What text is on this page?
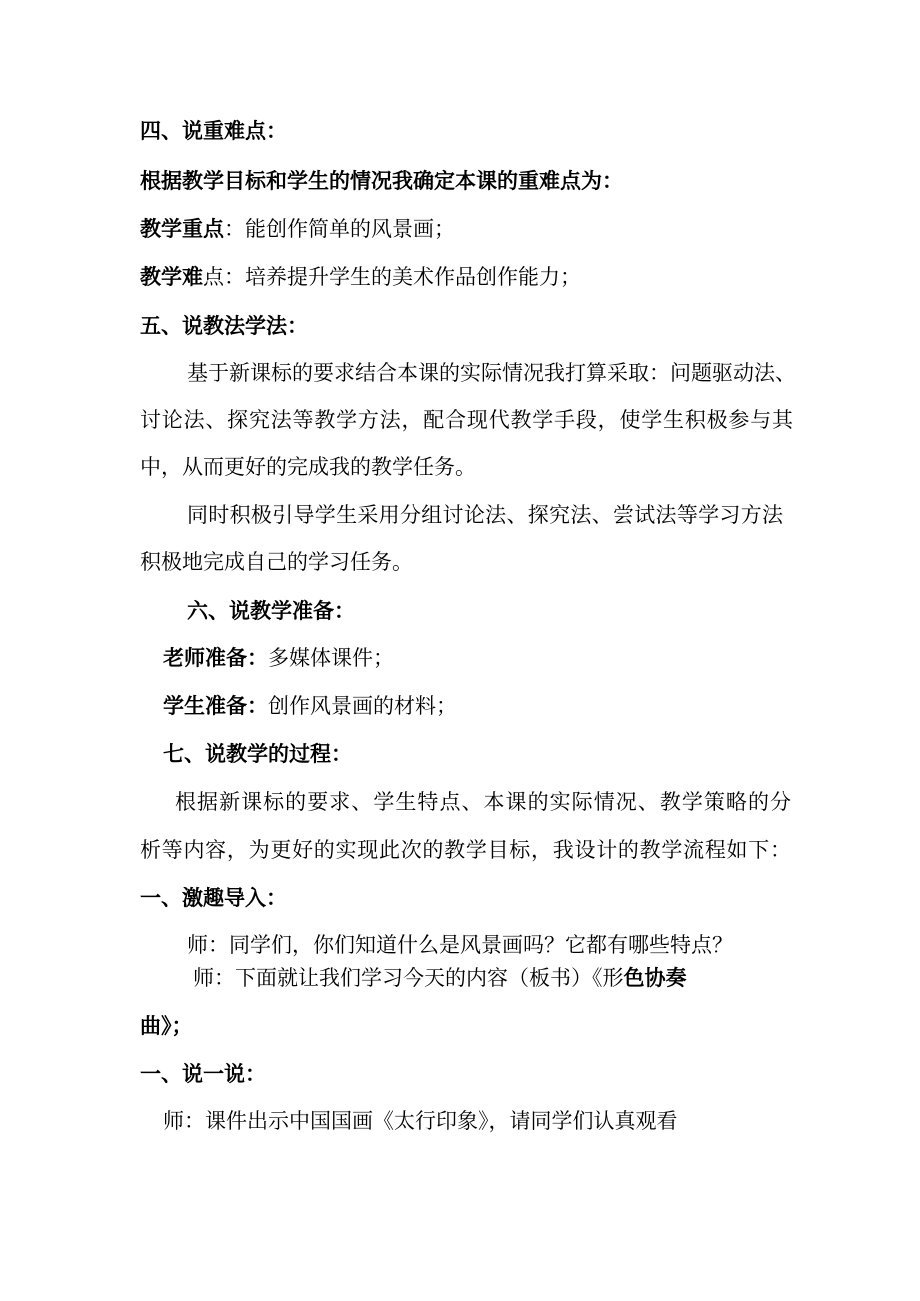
四、说重难点：
根据教学目标和学生的情况我确定本课的重难点为：
教学重点：能创作简单的风景画；
教学难点：培养提升学生的美术作品创作能力；
五、说教法学法：
基于新课标的要求结合本课的实际情况我打算采取：问题驱动法、
讨论法、探究法等教学方法，配合现代教学手段，使学生积极参与其
中，从而更好的完成我的教学任务。
同时积极引导学生采用分组讨论法、探究法、尝试法等学习方法
积极地完成自己的学习任务。
六、说教学准备：
老师准备：多媒体课件；
学生准备：创作风景画的材料；
七、说教学的过程：
根据新课标的要求、学生特点、本课的实际情况、教学策略的分
析等内容，为更好的实现此次的教学目标，我设计的教学流程如下：
一、激趣导入：
师：同学们，你们知道什么是风景画吗？它都有哪些特点？
师：下面就让我们学习今天的内容（板书）《形色协奏
曲》；
一、说一说：
师：课件出示中国国画《太行印象》，请同学们认真观看
